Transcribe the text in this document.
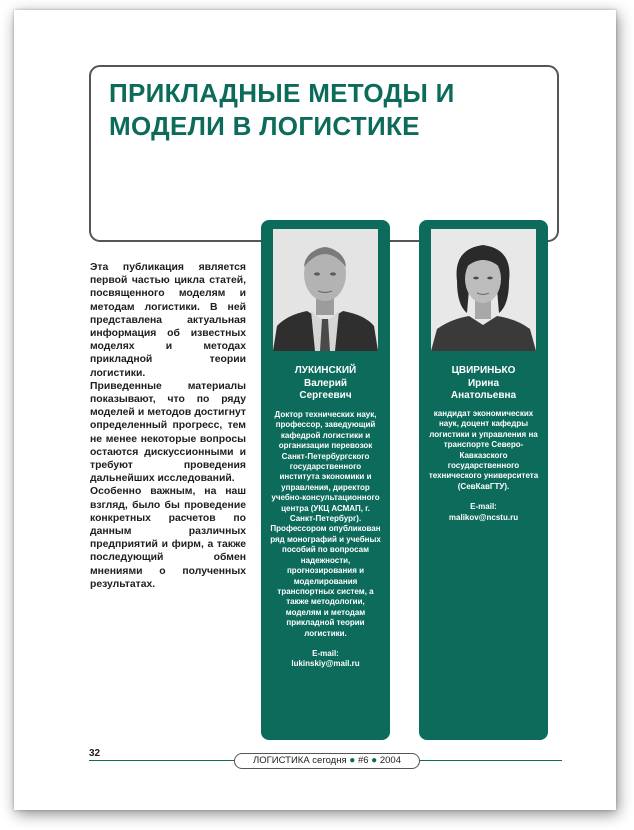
ПРИКЛАДНЫЕ МЕТОДЫ И МОДЕЛИ В ЛОГИСТИКЕ

Эта публикация является первой частью цикла статей, посвященного моделям и методам логистики. В ней представлена актуальная информация об известных моделях и методах прикладной теории логистики.

Приведенные материалы показывают, что по ряду моделей и методов достигнут определенный прогресс, тем не менее некоторые вопросы остаются дискуссионными и требуют проведения дальнейших исследований.

Особенно важным, на наш взгляд, было бы проведение конкретных расчетов по данным различных предприятий и фирм, а также последующий обмен мнениями о полученных результатах.

ЛУКИНСКИЙ
Валерий
Сергеевич
Доктор технических наук, профессор, заведующий кафедрой логистики и организации перевозок Санкт-Петербургского государственного института экономики и управления, директор учебно-консультационного центра (УКЦ АСМАП, г. Санкт-Петербург). Профессором опубликован ряд монографий и учебных пособий по вопросам надежности, прогнозирования и моделирования транспортных систем, а также методологии, моделям и методам прикладной теории логистики.
E-mail:
lukinskiy@mail.ru
ЦВИРИНЬКО
Ирина
Анатольевна
кандидат экономических наук, доцент кафедры логистики и управления на транспорте Северо-Кавказского государственного технического университета (СевКавГТУ).
E-mail:
malikov@ncstu.ru
32
ЛОГИСТИКА сегодня ● #6 ● 2004
